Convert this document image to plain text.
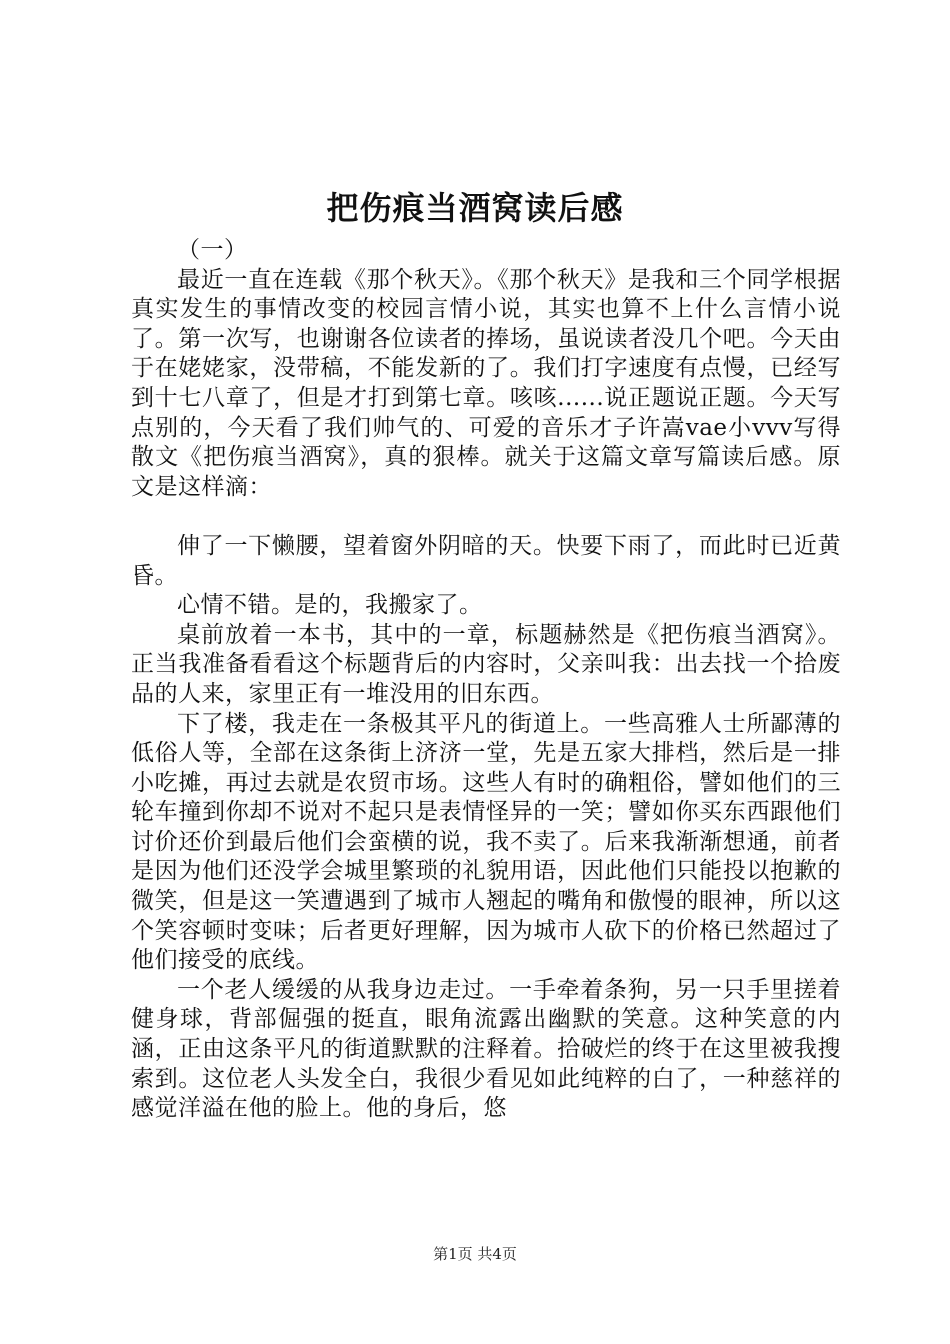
把伤痕当酒窝读后感

（一）

最近一直在连载《那个秋天》。《那个秋天》是我和三个同学根据真实发生的事情改变的校园言情小说，其实也算不上什么言情小说了。第一次写，也谢谢各位读者的捧场，虽说读者没几个吧。今天由于在姥姥家，没带稿，不能发新的了。我们打字速度有点慢，已经写到十七八章了，但是才打到第七章。咳咳......说正题说正题。今天写点别的，今天看了我们帅气的、可爱的音乐才子许嵩vae小vvv写得散文《把伤痕当酒窝》，真的狠棒。就关于这篇文章写篇读后感。原文是这样滴：

伸了一下懒腰，望着窗外阴暗的天。快要下雨了，而此时已近黄昏。

心情不错。是的，我搬家了。

桌前放着一本书，其中的一章，标题赫然是《把伤痕当酒窝》。正当我准备看看这个标题背后的内容时，父亲叫我：出去找一个拾废品的人来，家里正有一堆没用的旧东西。

下了楼，我走在一条极其平凡的街道上。一些高雅人士所鄙薄的低俗人等，全部在这条街上济济一堂，先是五家大排档，然后是一排小吃摊，再过去就是农贸市场。这些人有时的确粗俗，譬如他们的三轮车撞到你却不说对不起只是表情怪异的一笑；譬如你买东西跟他们讨价还价到最后他们会蛮横的说，我不卖了。后来我渐渐想通，前者是因为他们还没学会城里繁琐的礼貌用语，因此他们只能投以抱歉的微笑，但是这一笑遭遇到了城市人翘起的嘴角和傲慢的眼神，所以这个笑容顿时变味；后者更好理解，因为城市人砍下的价格已然超过了他们接受的底线。

一个老人缓缓的从我身边走过。一手牵着条狗，另一只手里搓着健身球，背部倔强的挺直，眼角流露出幽默的笑意。这种笑意的内涵，正由这条平凡的街道默默的注释着。拾破烂的终于在这里被我搜索到。这位老人头发全白，我很少看见如此纯粹的白了，一种慈祥的感觉洋溢在他的脸上。他的身后，悠

第1页 共4页
